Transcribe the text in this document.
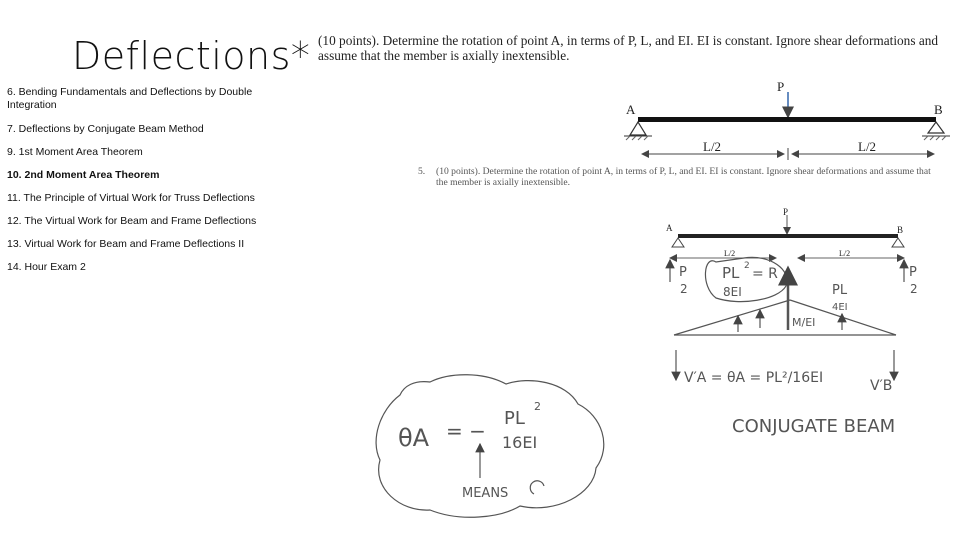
Deflections*
6. Bending Fundamentals and Deflections by Double Integration
7. Deflections by Conjugate Beam Method
9. 1st Moment Area Theorem
10. 2nd Moment Area Theorem
11. The Principle of Virtual Work for Truss Deflections
12. The Virtual Work for Beam and Frame Deflections
13. Virtual Work for Beam and Frame Deflections II
14. Hour Exam 2
(10 points). Determine the rotation of point A, in terms of P, L, and EI. EI is constant. Ignore shear deformations and assume that the member is axially inextensible.
5. (10 points). Determine the rotation of point A, in terms of P, L, and EI. EI is constant. Ignore shear deformations and assume that the member is axially inextensible.
P
A	B
L/2	L/2
P
A	B
L/2	L/2
P
2
P
2
PL 2
8EI
= R
PL
4EI
M/EI
V′A = θA = PL²/16EI	V′B
θA = −
PL
2
16EI
MEANS
CONJUGATE BEAM
